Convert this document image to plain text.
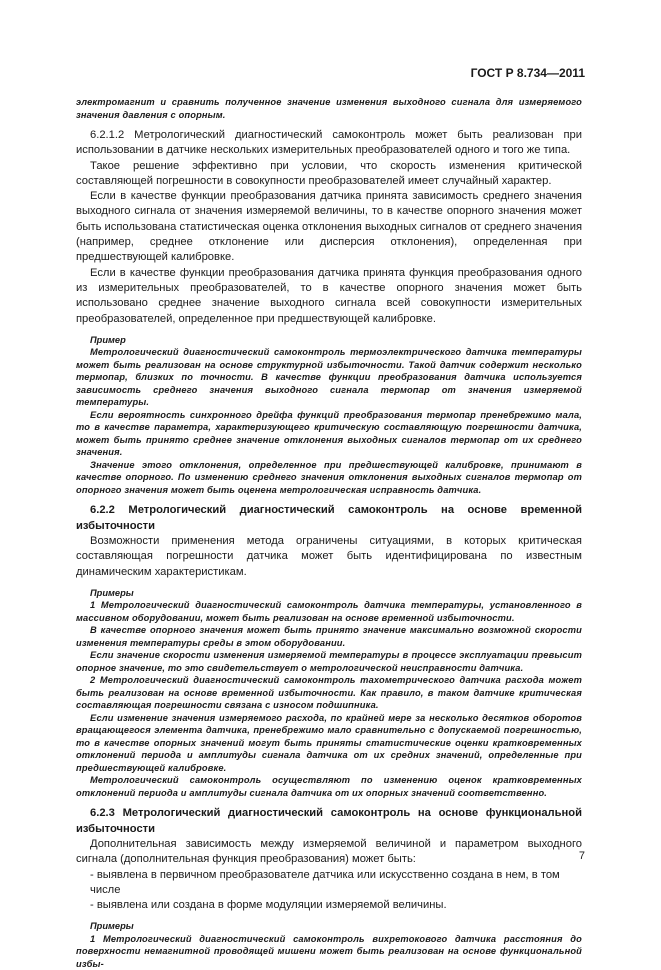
ГОСТ Р 8.734—2011

электромагнит и сравнить полученное значение изменения выходного сигнала для измеряемого значения давления с опорным.

6.2.1.2 Метрологический диагностический самоконтроль может быть реализован при использовании в датчике нескольких измерительных преобразователей одного и того же типа.

Такое решение эффективно при условии, что скорость изменения критической составляющей погрешности в совокупности преобразователей имеет случайный характер.

Если в качестве функции преобразования датчика принята зависимость среднего значения выходного сигнала от значения измеряемой величины, то в качестве опорного значения может быть использована статистическая оценка отклонения выходных сигналов от среднего значения (например, среднее отклонение или дисперсия отклонения), определенная при предшествующей калибровке.

Если в качестве функции преобразования датчика принята функция преобразования одного из измерительных преобразователей, то в качестве опорного значения может быть использовано среднее значение выходного сигнала всей совокупности измерительных преобразователей, определенное при предшествующей калибровке.

Пример

Метрологический диагностический самоконтроль термоэлектрического датчика температуры может быть реализован на основе структурной избыточности. Такой датчик содержит несколько термопар, близких по точности. В качестве функции преобразования датчика используется зависимость среднего значения выходного сигнала термопар от значения измеряемой температуры.

Если вероятность синхронного дрейфа функций преобразования термопар пренебрежимо мала, то в качестве параметра, характеризующего критическую составляющую погрешности датчика, может быть принято среднее значение отклонения выходных сигналов термопар от их среднего значения.

Значение этого отклонения, определенное при предшествующей калибровке, принимают в качестве опорного. По изменению среднего значения отклонения выходных сигналов термопар от опорного значения может быть оценена метрологическая исправность датчика.

6.2.2 Метрологический диагностический самоконтроль на основе временной избыточности

Возможности применения метода ограничены ситуациями, в которых критическая составляющая погрешности датчика может быть идентифицирована по известным динамическим характеристикам.

Примеры

1 Метрологический диагностический самоконтроль датчика температуры, установленного в массивном оборудовании, может быть реализован на основе временной избыточности.

В качестве опорного значения может быть принято значение максимально возможной скорости изменения температуры среды в этом оборудовании.

Если значение скорости изменения измеряемой температуры в процессе эксплуатации превысит опорное значение, то это свидетельствует о метрологической неисправности датчика.

2 Метрологический диагностический самоконтроль тахометрического датчика расхода может быть реализован на основе временной избыточности. Как правило, в таком датчике критическая составляющая погрешности связана с износом подшипника.

Если изменение значения измеряемого расхода, по крайней мере за несколько десятков оборотов вращающегося элемента датчика, пренебрежимо мало сравнительно с допускаемой погрешностью, то в качестве опорных значений могут быть приняты статистические оценки кратковременных отклонений периода и амплитуды сигнала датчика от их средних значений, определенные при предшествующей калибровке.

Метрологический самоконтроль осуществляют по изменению оценок кратковременных отклонений периода и амплитуды сигнала датчика от их опорных значений соответственно.

6.2.3 Метрологический диагностический самоконтроль на основе функциональной избыточности

Дополнительная зависимость между измеряемой величиной и параметром выходного сигнала (дополнительная функция преобразования) может быть:

- выявлена в первичном преобразователе датчика или искусственно создана в нем, в том числе

- выявлена или создана в форме модуляции измеряемой величины.

Примеры

1 Метрологический диагностический самоконтроль вихретокового датчика расстояния до поверхности немагнитной проводящей мишени может быть реализован на основе функциональной избы-

7
